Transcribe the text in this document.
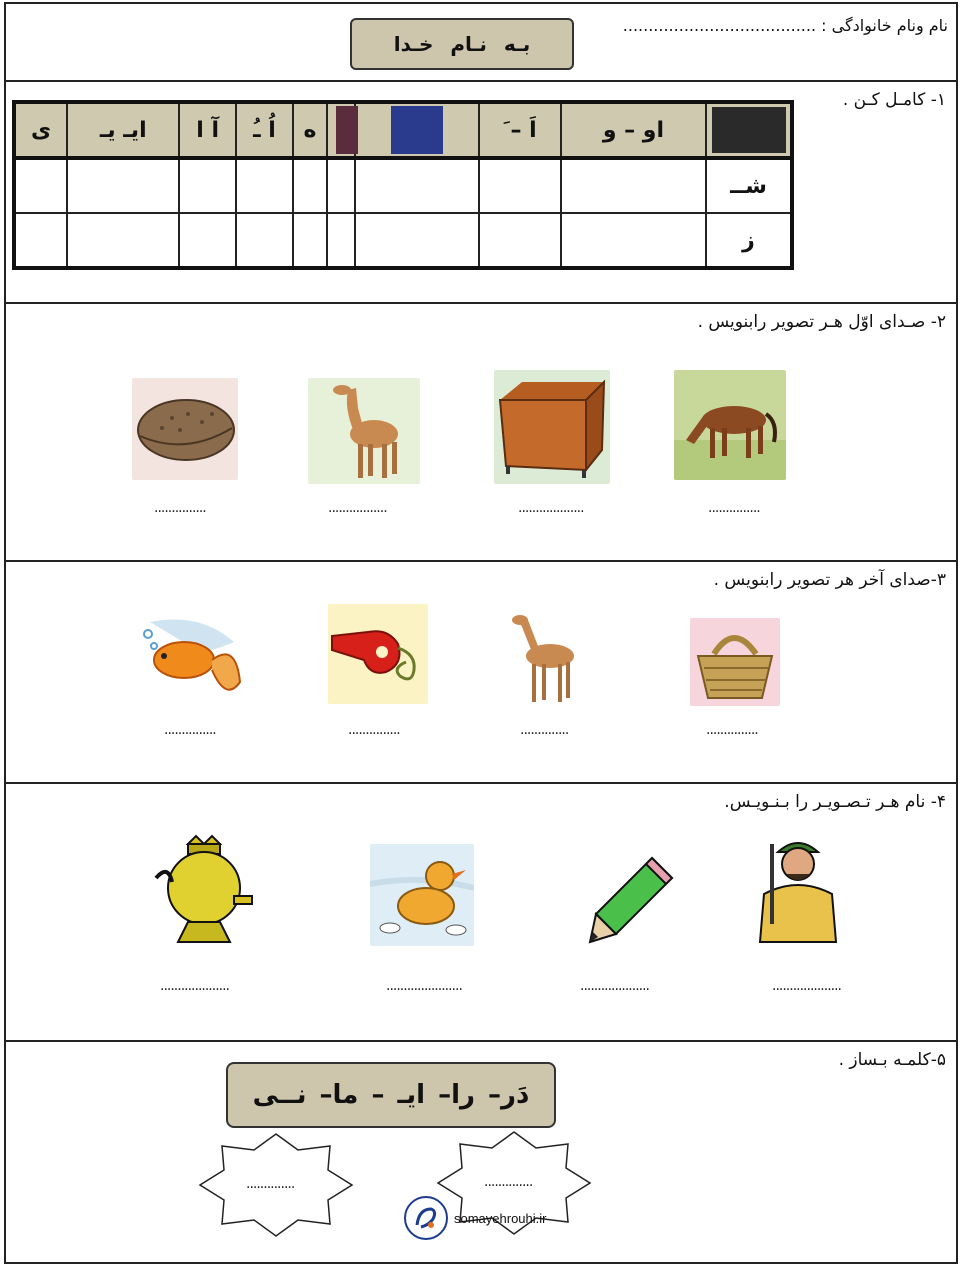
نام ونام خانوادگی : ......................................
بـه نـام خـدا
۱- کامـل کـن .
	او – و	اَ – َ			ه	اُ ـُ	آ ا	ایـ یـ	ی
شــ									
ز									
۲- صـدای اوّل هـر تصویر رابنویس .
...............
...................
.................
...............
۳-صدای آخر هر تصویر رابنویس .
...............
..............
...............
...............
۴- نام هـر تـصـویـر را بـنـویـس.
....................
....................
......................
....................
۵-کلمـه بـساز .
دَر– را– ایـ – ما– نــی
..............	..............
somayehrouhi.ir
